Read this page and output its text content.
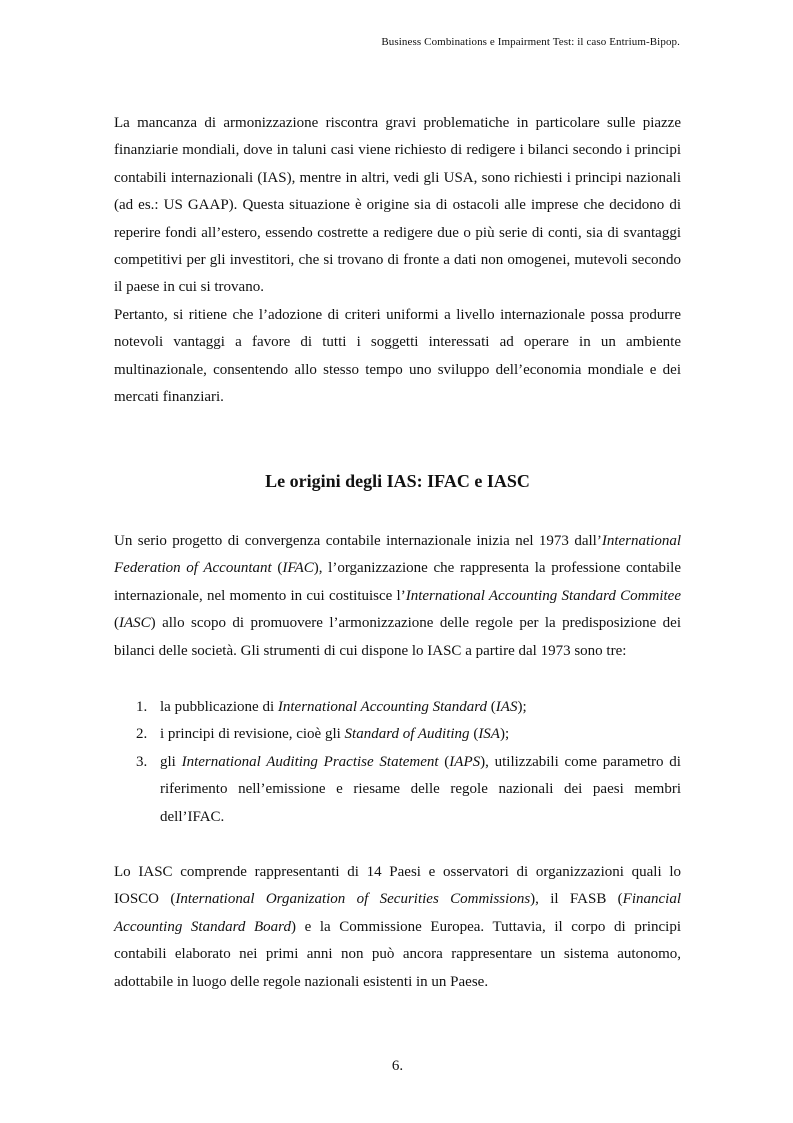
Business Combinations e Impairment Test: il caso Entrium-Bipop.

La mancanza di armonizzazione riscontra gravi problematiche in particolare sulle piazze finanziarie mondiali, dove in taluni casi viene richiesto di redigere i bilanci secondo i principi contabili internazionali (IAS), mentre in altri, vedi gli USA, sono richiesti i principi nazionali (ad es.: US GAAP). Questa situazione è origine sia di ostacoli alle imprese che decidono di reperire fondi all’estero, essendo costrette a redigere due o più serie di conti, sia di svantaggi competitivi per gli investitori, che si trovano di fronte a dati non omogenei, mutevoli secondo il paese in cui si trovano.

Pertanto, si ritiene che l’adozione di criteri uniformi a livello internazionale possa produrre notevoli vantaggi a favore di tutti i soggetti interessati ad operare in un ambiente multinazionale, consentendo allo stesso tempo uno sviluppo dell’economia mondiale e dei mercati finanziari.

Le origini degli IAS: IFAC e IASC

Un serio progetto di convergenza contabile internazionale inizia nel 1973 dall’International Federation of Accountant (IFAC), l’organizzazione che rappresenta la professione contabile internazionale, nel momento in cui costituisce l’International Accounting Standard Commitee (IASC) allo scopo di promuovere l’armonizzazione delle regole per la predisposizione dei bilanci delle società. Gli strumenti di cui dispone lo IASC a partire dal 1973 sono tre:

1. la pubblicazione di International Accounting Standard (IAS);
2. i principi di revisione, cioè gli Standard of Auditing (ISA);
3. gli International Auditing Practise Statement (IAPS), utilizzabili come parametro di riferimento nell’emissione e riesame delle regole nazionali dei paesi membri dell’IFAC.

Lo IASC comprende rappresentanti di 14 Paesi e osservatori di organizzazioni quali lo IOSCO (International Organization of Securities Commissions), il FASB (Financial Accounting Standard Board) e la Commissione Europea. Tuttavia, il corpo di principi contabili elaborato nei primi anni non può ancora rappresentare un sistema autonomo, adottabile in luogo delle regole nazionali esistenti in un Paese.

6.
